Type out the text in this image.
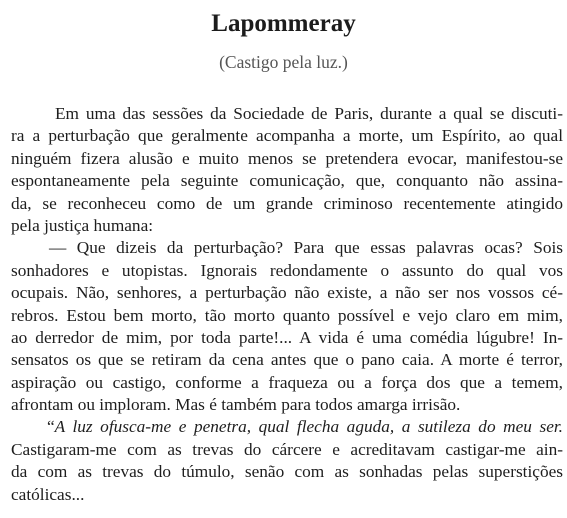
Lapommeray
(Castigo pela luz.)
Em uma das sessões da Sociedade de Paris, durante a qual se discuti-
ra a perturbação que geralmente acompanha a morte, um Espírito, ao qual
ninguém fizera alusão e muito menos se pretendera evocar, manifestou-se
espontaneamente pela seguinte comunicação, que, conquanto não assina-
da, se reconheceu como de um grande criminoso recentemente atingido
pela justiça humana:
— Que dizeis da perturbação? Para que essas palavras ocas? Sois
sonhadores e utopistas. Ignorais redondamente o assunto do qual vos
ocupais. Não, senhores, a perturbação não existe, a não ser nos vossos cé-
rebros. Estou bem morto, tão morto quanto possível e vejo claro em mim,
ao derredor de mim, por toda parte!... A vida é uma comédia lúgubre! In-
sensatos os que se retiram da cena antes que o pano caia. A morte é terror,
aspiração ou castigo, conforme a fraqueza ou a força dos que a temem,
afrontam ou imploram. Mas é também para todos amarga irrisão.
“A luz ofusca-me e penetra, qual flecha aguda, a sutileza do meu ser.
Castigaram-me com as trevas do cárcere e acreditavam castigar-me ain-
da com as trevas do túmulo, senão com as sonhadas pelas superstições
católicas...
